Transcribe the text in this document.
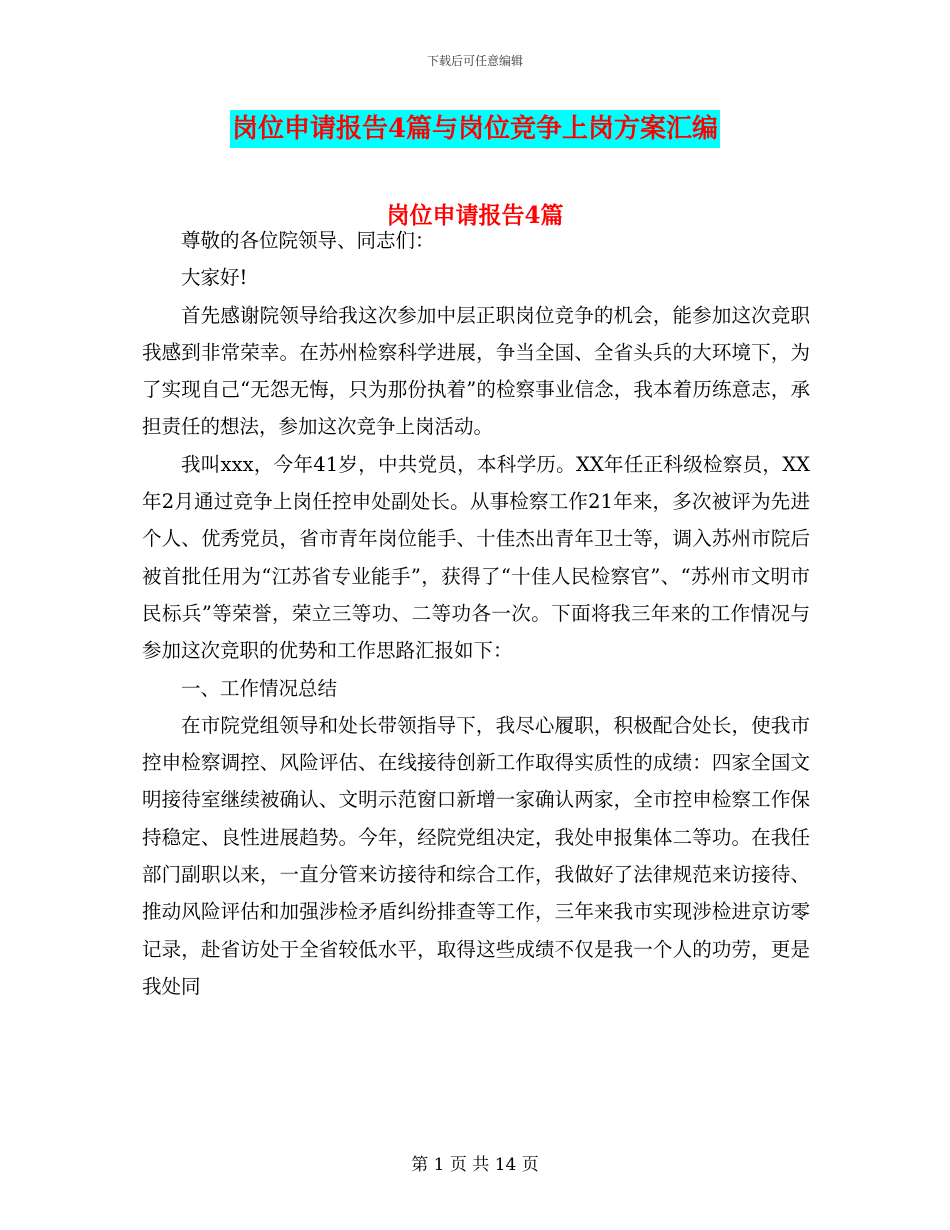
下载后可任意编辑
岗位申请报告4篇与岗位竞争上岗方案汇编
岗位申请报告4篇

尊敬的各位院领导、同志们：

大家好!

首先感谢院领导给我这次参加中层正职岗位竞争的机会，能参加这次竞职我感到非常荣幸。在苏州检察科学进展，争当全国、全省头兵的大环境下，为了实现自己“无怨无悔，只为那份执着”的检察事业信念，我本着历练意志，承担责任的想法，参加这次竞争上岗活动。

我叫xxx，今年41岁，中共党员，本科学历。XX年任正科级检察员，XX年2月通过竞争上岗任控申处副处长。从事检察工作21年来，多次被评为先进个人、优秀党员，省市青年岗位能手、十佳杰出青年卫士等，调入苏州市院后被首批任用为“江苏省专业能手”，获得了“十佳人民检察官”、“苏州市文明市民标兵”等荣誉，荣立三等功、二等功各一次。下面将我三年来的工作情况与参加这次竞职的优势和工作思路汇报如下：

一、工作情况总结

在市院党组领导和处长带领指导下，我尽心履职，积极配合处长，使我市控申检察调控、风险评估、在线接待创新工作取得实质性的成绩：四家全国文明接待室继续被确认、文明示范窗口新增一家确认两家，全市控申检察工作保持稳定、良性进展趋势。今年，经院党组决定，我处申报集体二等功。在我任部门副职以来，一直分管来访接待和综合工作，我做好了法律规范来访接待、推动风险评估和加强涉检矛盾纠纷排查等工作，三年来我市实现涉检进京访零记录，赴省访处于全省较低水平，取得这些成绩不仅是我一个人的功劳，更是我处同

第 1 页 共 14 页
